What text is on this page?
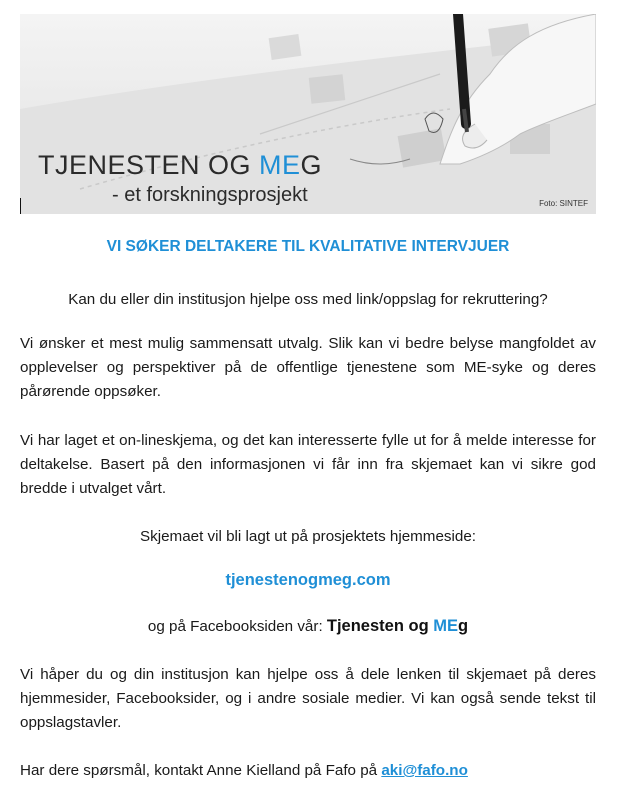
TJENESTEN OG MEG
- et forskningsprosjekt	Foto: SINTEF
VI SØKER DELTAKERE TIL KVALITATIVE INTERVJUER
Kan du eller din institusjon hjelpe oss med link/oppslag for rekruttering?
Vi ønsker et mest mulig sammensatt utvalg. Slik kan vi bedre belyse mangfoldet av opplevelser og perspektiver på de offentlige tjenestene som ME-syke og deres pårørende oppsøker.
Vi har laget et on-lineskjema, og det kan interesserte fylle ut for å melde interesse for deltakelse. Basert på den informasjonen vi får inn fra skjemaet kan vi sikre god bredde i utvalget vårt.
Skjemaet vil bli lagt ut på prosjektets hjemmeside:
tjenestenogmeg.com
og på Facebooksiden vår: Tjenesten og MEg
Vi håper du og din institusjon kan hjelpe oss å dele lenken til skjemaet på deres hjemmesider, Facebooksider, og i andre sosiale medier. Vi kan også sende tekst til oppslagstavler.
Har dere spørsmål, kontakt Anne Kielland på Fafo på aki@fafo.no
